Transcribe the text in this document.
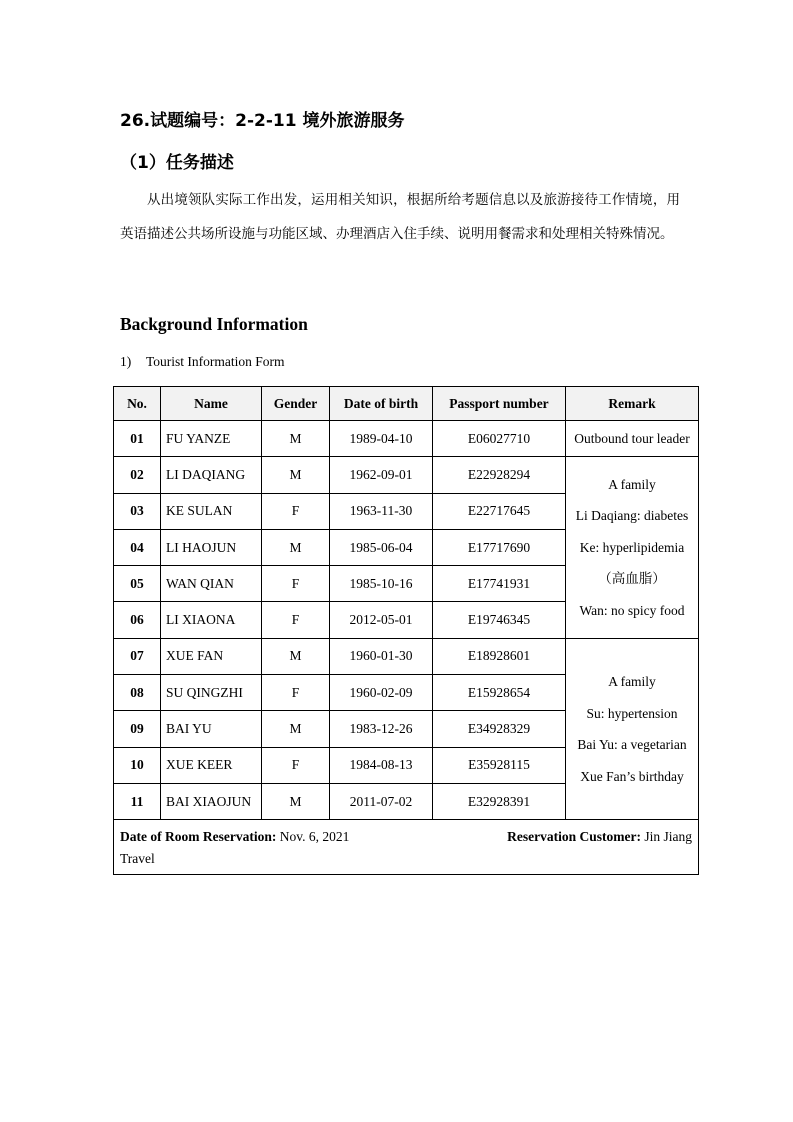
26.试题编号：2-2-11 境外旅游服务
（1）任务描述

从出境领队实际工作出发，运用相关知识，根据所给考题信息以及旅游接待工作情境，用英语描述公共场所设施与功能区域、办理酒店入住手续、说明用餐需求和处理相关特殊情况。

Background Information
1) Tourist Information Form
No.	Name	Gender	Date of birth	Passport number	Remark
01	FU YANZE	M	1989-04-10	E06027710	Outbound tour leader
02	LI DAQIANG	M	1962-09-01	E22928294	A family
Li Daqiang: diabetes
Ke: hyperlipidemia（高血脂）
Wan: no spicy food

03	KE SULAN	F	1963-11-30	E22717645	
04	LI HAOJUN	M	1985-06-04	E17717690	
05	WAN QIAN	F	1985-10-16	E17741931	
06	LI XIAONA	F	2012-05-01	E19746345	
07	XUE FAN	M	1960-01-30	E18928601	A family
Su: hypertension
Bai Yu: a vegetarian
Xue Fan’s birthday

08	SU QINGZHI	F	1960-02-09	E15928654	
09	BAI YU	M	1983-12-26	E34928329	
10	XUE KEER	F	1984-08-13	E35928115	
11	BAI XIAOJUN	M	2011-07-02	E32928391	

Reservation Customer: Jin Jiang
Date of Room Reservation: Nov. 6, 2021
Travel					
